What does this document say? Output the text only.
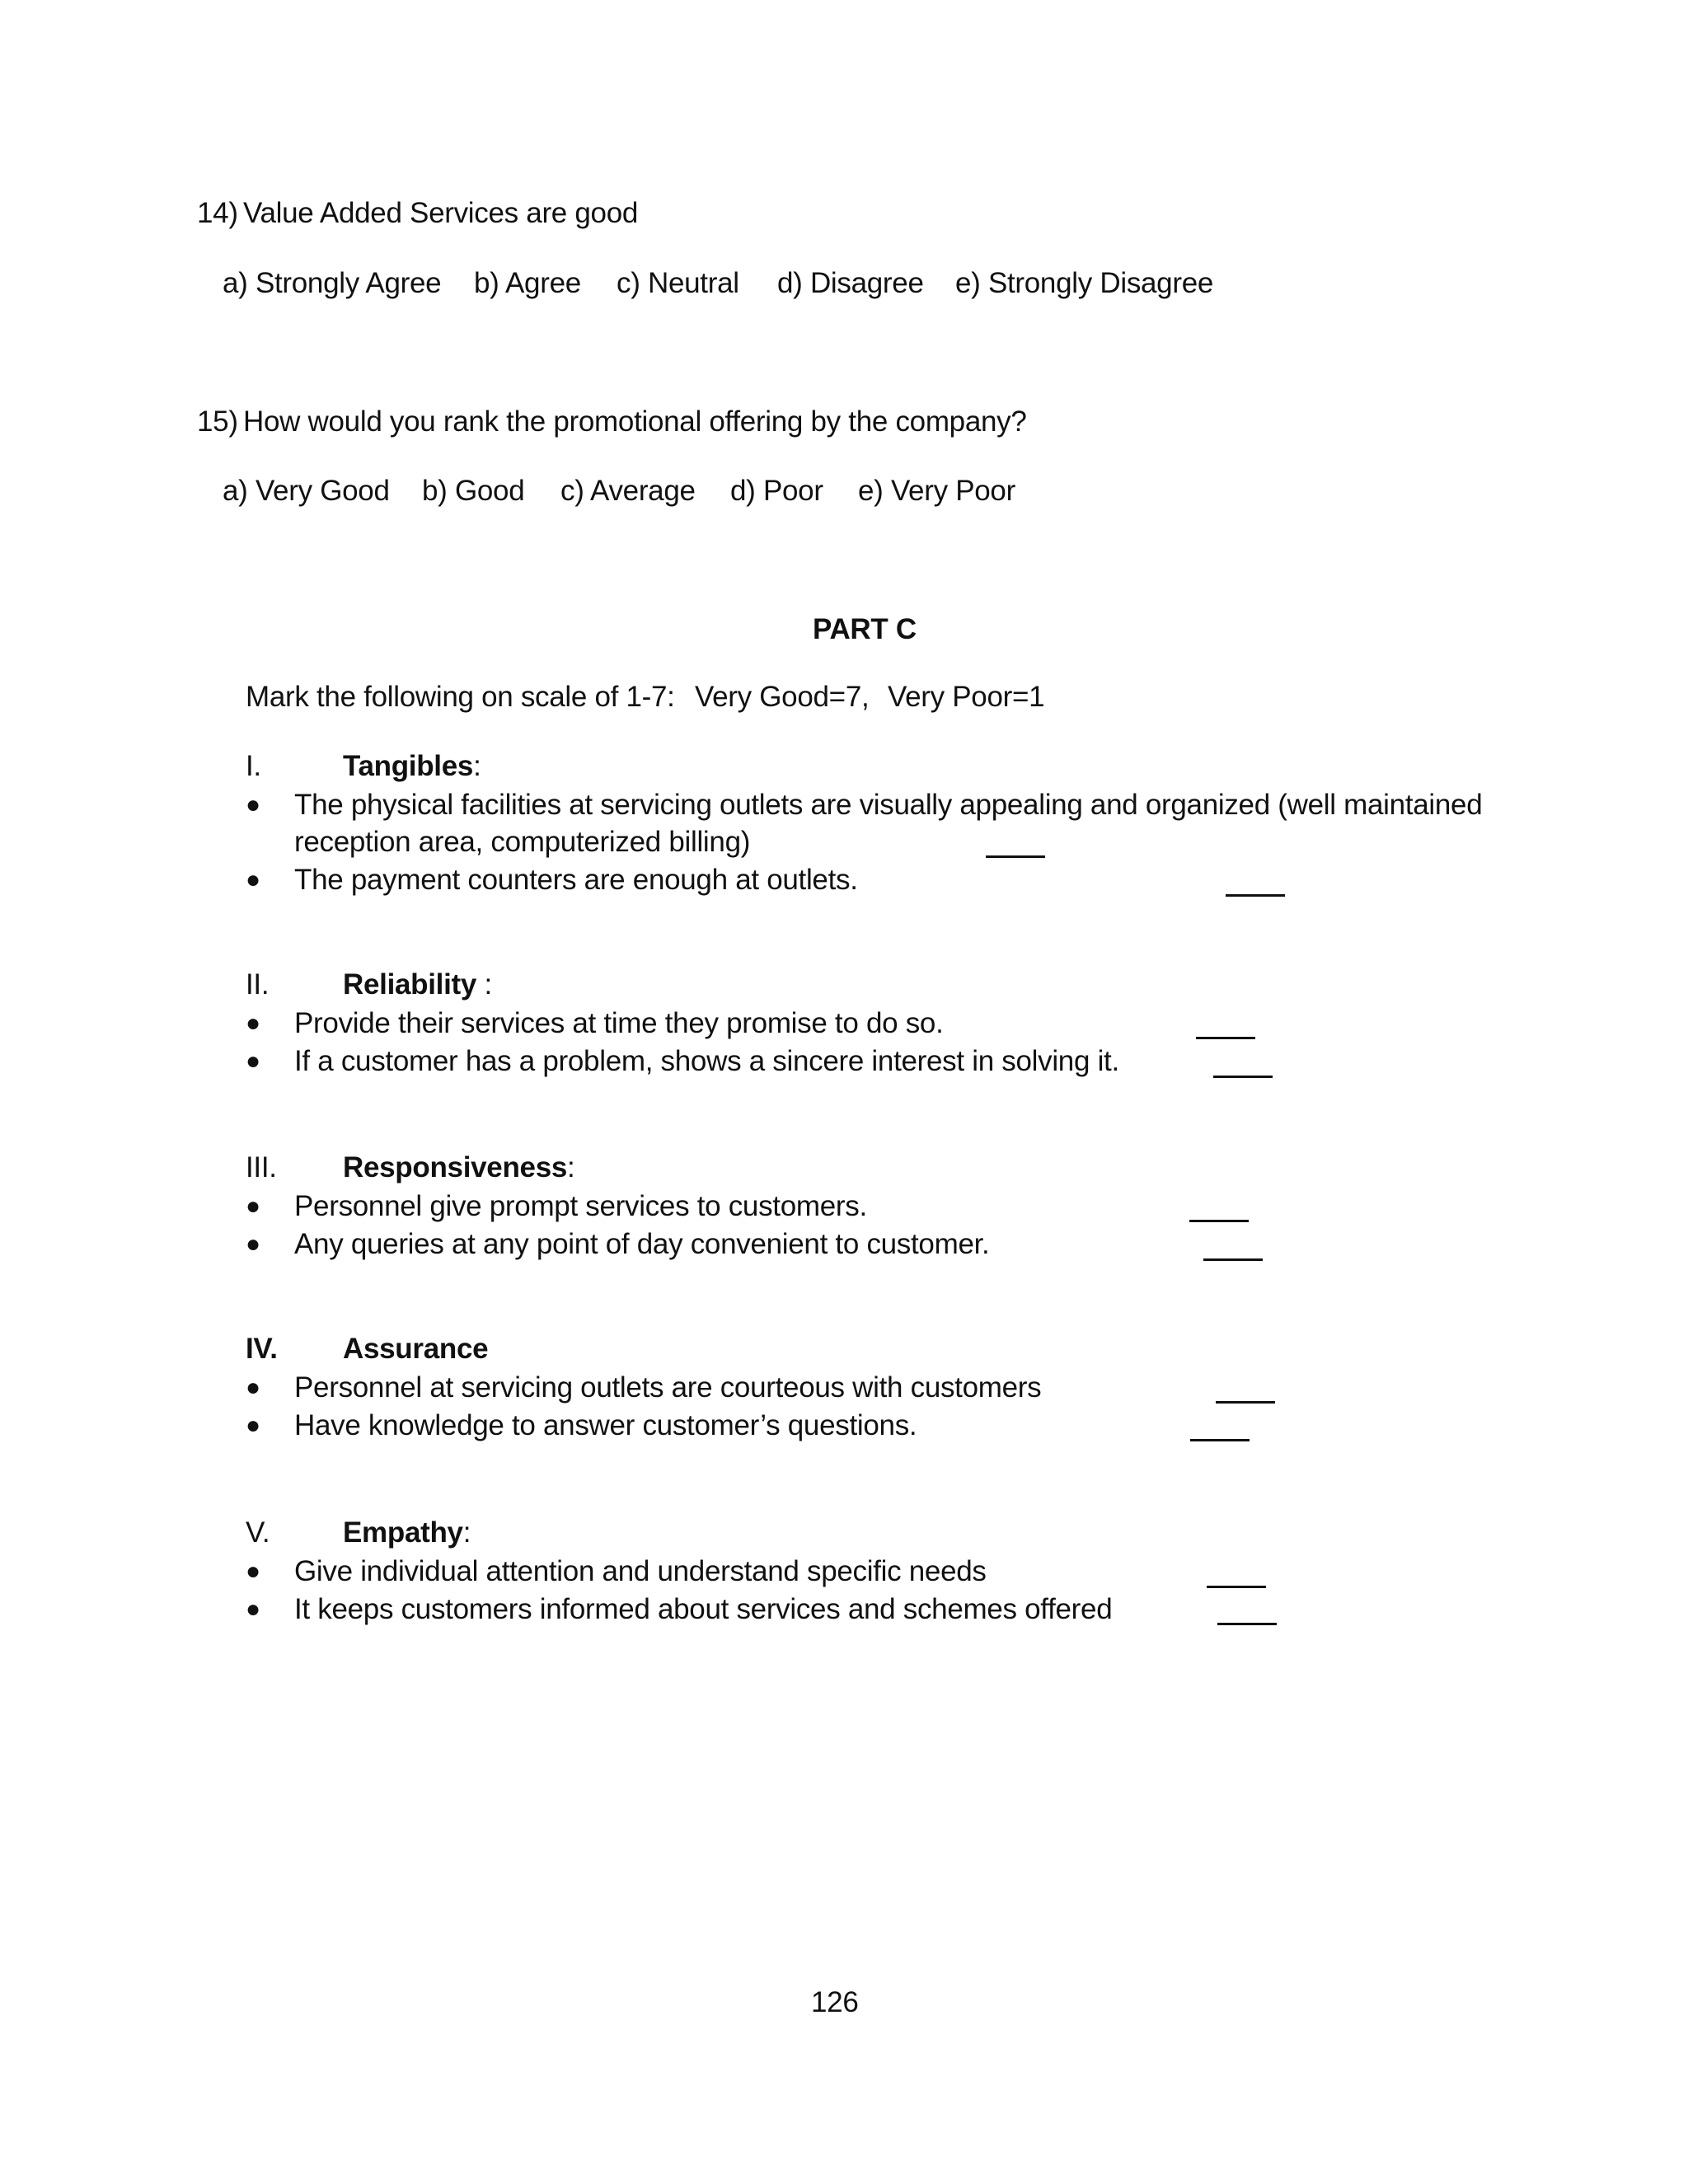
14) Value Added Services are good
a) Strongly Agree b) Agree c) Neutral d) Disagree e) Strongly Disagree
15) How would you rank the promotional offering by the company?
a) Very Good b) Good c) Average d) Poor e) Very Poor
PART C
Mark the following on scale of 1-7: Very Good=7, Very Poor=1
I.	Tangibles:
● The physical facilities at servicing outlets are visually appealing and organized (well maintained
reception area, computerized billing)
● The payment counters are enough at outlets.
II.	Reliability :
● Provide their services at time they promise to do so.
● If a customer has a problem, shows a sincere interest in solving it.
III. Responsiveness:
● Personnel give prompt services to customers.
● Any queries at any point of day convenient to customer.
IV. Assurance
● Personnel at servicing outlets are courteous with customers
● Have knowledge to answer customer’s questions.
V.	Empathy:
● Give individual attention and understand specific needs
● It keeps customers informed about services and schemes offered
126
